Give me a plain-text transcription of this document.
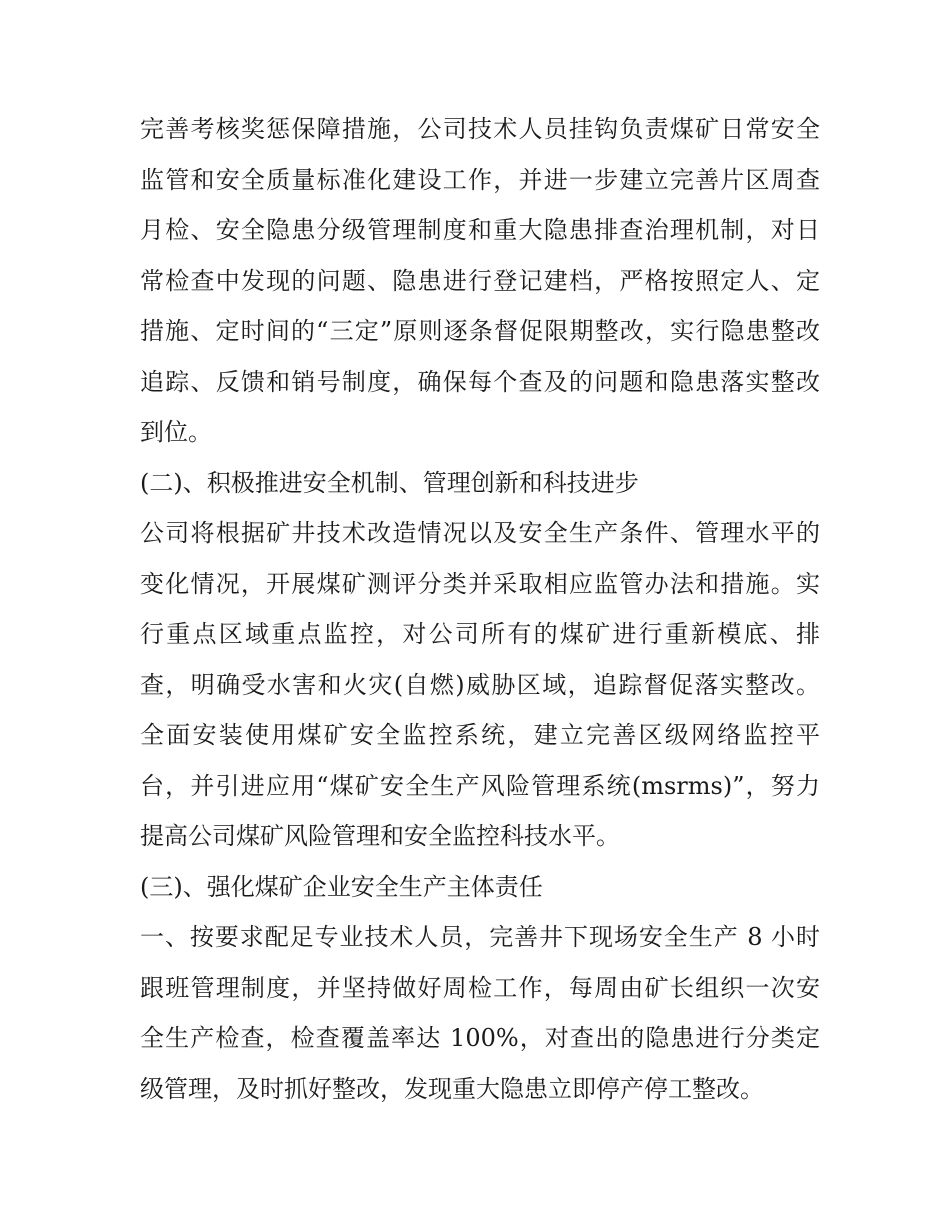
完善考核奖惩保障措施，公司技术人员挂钩负责煤矿日常安全
监管和安全质量标准化建设工作，并进一步建立完善片区周查
月检、安全隐患分级管理制度和重大隐患排查治理机制，对日
常检查中发现的问题、隐患进行登记建档，严格按照定人、定
措施、定时间的“三定”原则逐条督促限期整改，实行隐患整改
追踪、反馈和销号制度，确保每个查及的问题和隐患落实整改
到位。
(二)、积极推进安全机制、管理创新和科技进步
公司将根据矿井技术改造情况以及安全生产条件、管理水平的
变化情况，开展煤矿测评分类并采取相应监管办法和措施。实
行重点区域重点监控，对公司所有的煤矿进行重新模底、排
查，明确受水害和火灾(自燃)威胁区域，追踪督促落实整改。
全面安装使用煤矿安全监控系统，建立完善区级网络监控平
台，并引进应用“煤矿安全生产风险管理系统(msrms)”，努力
提高公司煤矿风险管理和安全监控科技水平。
(三)、强化煤矿企业安全生产主体责任
一、按要求配足专业技术人员，完善井下现场安全生产 8 小时
跟班管理制度，并坚持做好周检工作，每周由矿长组织一次安
全生产检查，检查覆盖率达 100%，对查出的隐患进行分类定
级管理，及时抓好整改，发现重大隐患立即停产停工整改。
